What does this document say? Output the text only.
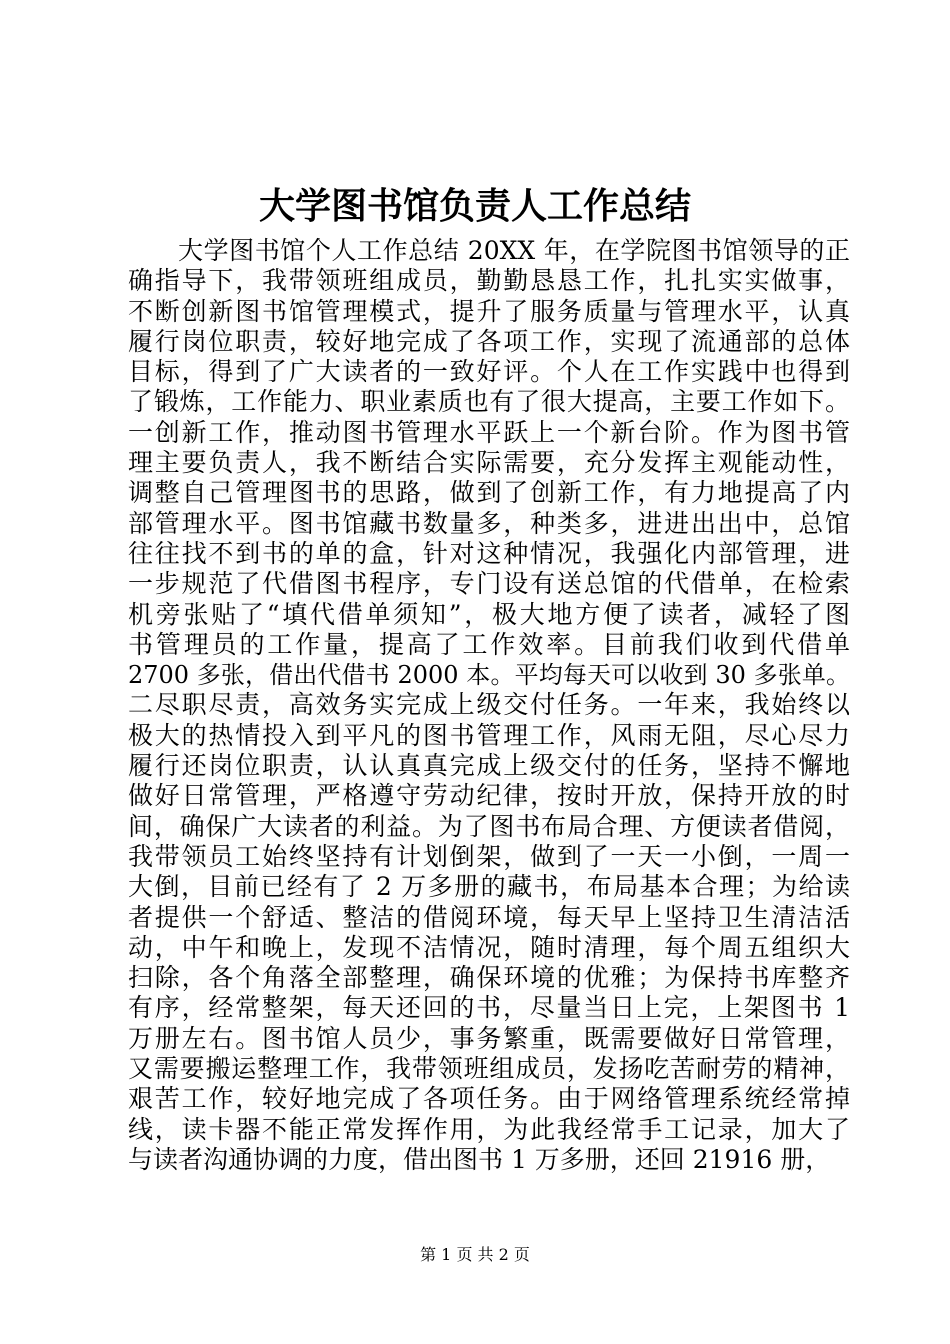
大学图书馆负责人工作总结
大学图书馆个人工作总结 20XX 年，在学院图书馆领导的正
确指导下，我带领班组成员，勤勤恳恳工作，扎扎实实做事，
不断创新图书馆管理模式，提升了服务质量与管理水平，认真
履行岗位职责，较好地完成了各项工作，实现了流通部的总体
目标，得到了广大读者的一致好评。个人在工作实践中也得到
了锻炼，工作能力、职业素质也有了很大提高，主要工作如下。
一创新工作，推动图书管理水平跃上一个新台阶。作为图书管
理主要负责人，我不断结合实际需要，充分发挥主观能动性，
调整自己管理图书的思路，做到了创新工作，有力地提高了内
部管理水平。图书馆藏书数量多，种类多，进进出出中，总馆
往往找不到书的单的盒，针对这种情况，我强化内部管理，进
一步规范了代借图书程序，专门设有送总馆的代借单，在检索
机旁张贴了“填代借单须知”，极大地方便了读者，减轻了图
书管理员的工作量，提高了工作效率。目前我们收到代借单
2700 多张，借出代借书 2000 本。平均每天可以收到 30 多张单。
二尽职尽责，高效务实完成上级交付任务。一年来，我始终以
极大的热情投入到平凡的图书管理工作，风雨无阻，尽心尽力
履行还岗位职责，认认真真完成上级交付的任务，坚持不懈地
做好日常管理，严格遵守劳动纪律，按时开放，保持开放的时
间，确保广大读者的利益。为了图书布局合理、方便读者借阅，
我带领员工始终坚持有计划倒架，做到了一天一小倒，一周一
大倒，目前已经有了 2 万多册的藏书，布局基本合理；为给读
者提供一个舒适、整洁的借阅环境，每天早上坚持卫生清洁活
动，中午和晚上，发现不洁情况，随时清理，每个周五组织大
扫除，各个角落全部整理，确保环境的优雅；为保持书库整齐
有序，经常整架，每天还回的书，尽量当日上完，上架图书 1
万册左右。图书馆人员少，事务繁重，既需要做好日常管理，
又需要搬运整理工作，我带领班组成员，发扬吃苦耐劳的精神，
艰苦工作，较好地完成了各项任务。由于网络管理系统经常掉
线，读卡器不能正常发挥作用，为此我经常手工记录，加大了
与读者沟通协调的力度，借出图书 1 万多册，还回 21916 册，
第 1 页 共 2 页
